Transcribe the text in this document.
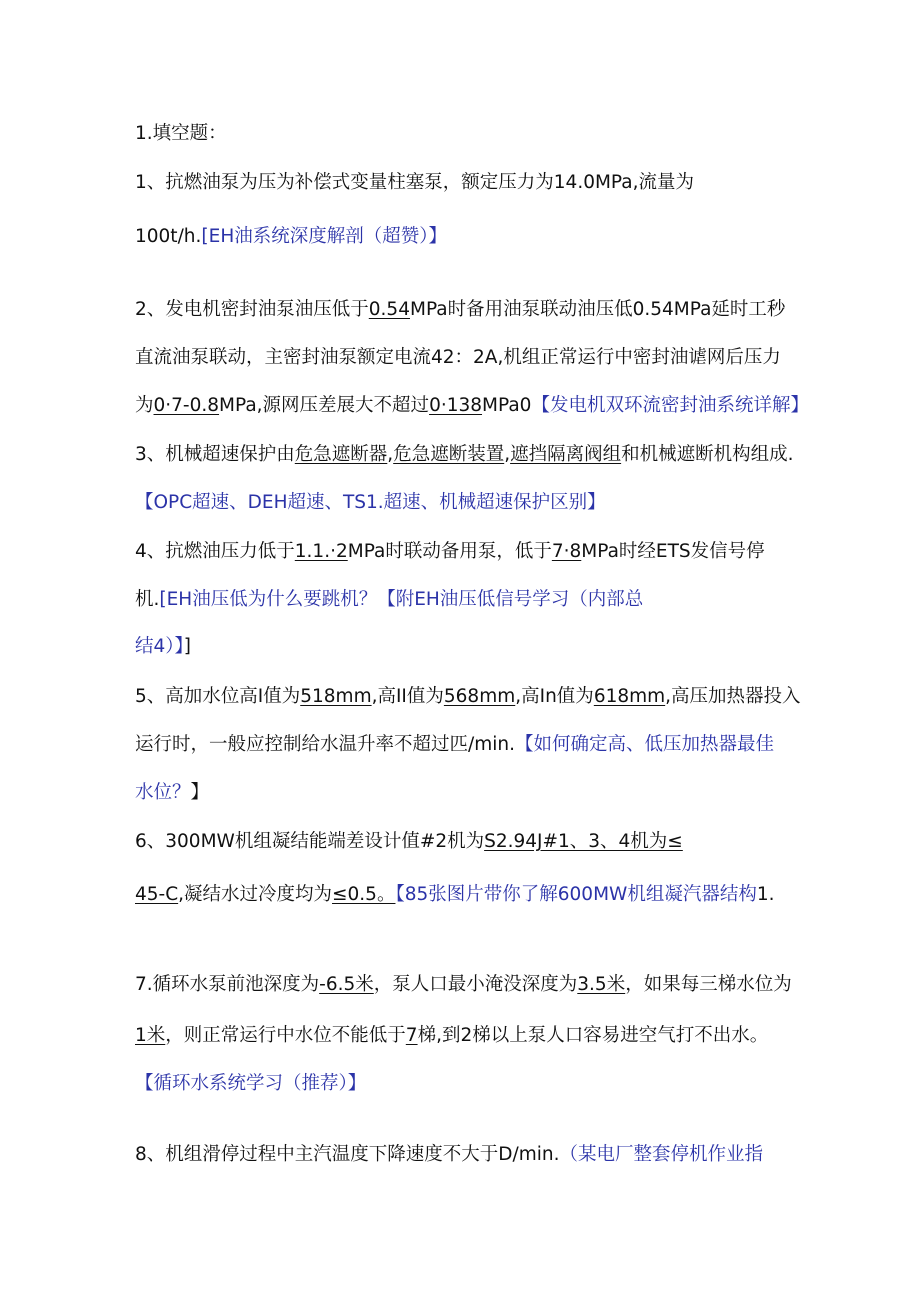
1.填空题：
1、抗燃油泵为压为补偿式变量柱塞泵，额定压力为14.0MPa,流量为
100t∕h.[EH油系统深度解剖（超赞）】
2、发电机密封油泵油压低于0.54MPa时备用油泵联动油压低0.54MPa延时工秒
直流油泵联动，主密封油泵额定电流42：2A,机组正常运行中密封油谑网后压力
为0·7-0.8MPa,源网压差展大不超过0·138MPa0【发电机双环流密封油系统详解】
3、机械超速保护由危急遮断器,危急遮断装置,遮挡隔离阀组和机械遮断机构组成.
【OPC超速、DEH超速、TS1.超速、机械超速保护区别】
4、抗燃油压力低于1.1.·2MPa时联动备用泵，低于7·8MPa时经ETS发信号停
机.[EH油压低为什么要跳机？【附EH油压低信号学习（内部总
结4）】]
5、高加水位高I值为518mm,高II值为568mm,高In值为618mm,高压加热器投入
运行时，一般应控制给水温升率不超过匹/min.【如何确定高、低压加热器最佳
水位？】
6、300MW机组凝结能端差设计值#2机为S2.94J#1、3、4机为≤
45-C,凝结水过冷度均为≤0.5。【85张图片带你了解600MW机组凝汽器结构1.
7.循环水泵前池深度为-6.5米，泵人口最小淹没深度为3.5米，如果每三梯水位为
1米，则正常运行中水位不能低于7梯,到2梯以上泵人口容易进空气打不出水。
【循环水系统学习（推荐）】
8、机组滑停过程中主汽温度下降速度不大于D∕min.（某电厂整套停机作业指
